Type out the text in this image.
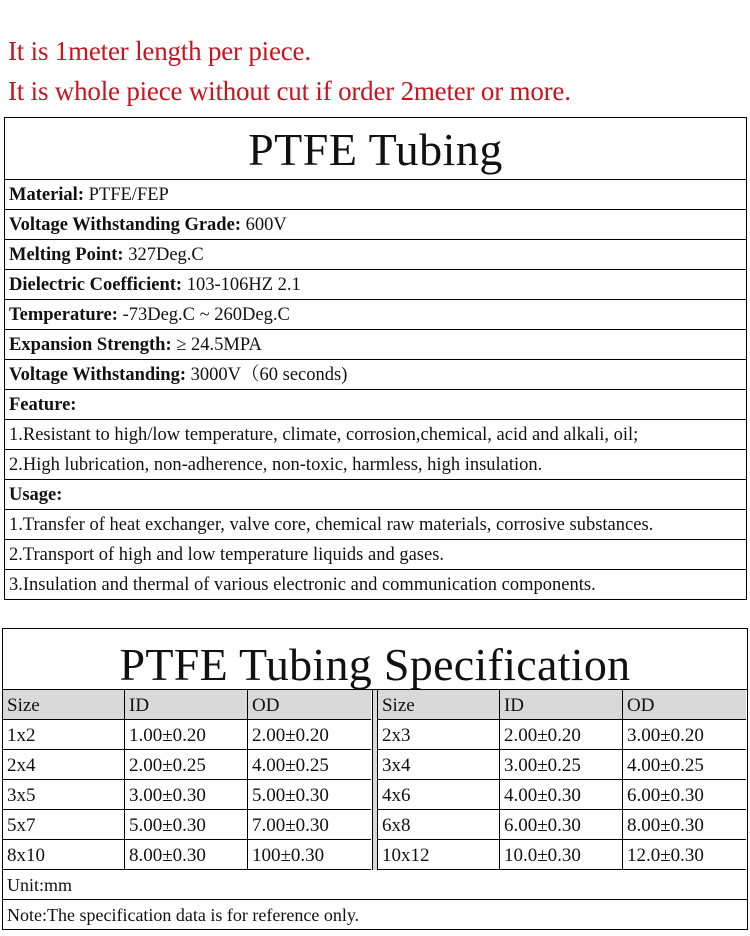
It is 1meter length per piece.
It is whole piece without cut if order 2meter or more.
PTFE Tubing
Material: PTFE/FEP
Voltage Withstanding Grade: 600V
Melting Point: 327Deg.C
Dielectric Coefficient: 103-106HZ 2.1
Temperature: -73Deg.C ~ 260Deg.C
Expansion Strength: ≥ 24.5MPA
Voltage Withstanding: 3000V（60 seconds)
Feature:
1.Resistant to high/low temperature, climate, corrosion,chemical, acid and alkali, oil;
2.High lubrication, non-adherence, non-toxic, harmless, high insulation.
Usage:
1.Transfer of heat exchanger, valve core, chemical raw materials, corrosive substances.
2.Transport of high and low temperature liquids and gases.
3.Insulation and thermal of various electronic and communication components.
PTFE Tubing Specification
Size	ID	OD
1x2	1.00±0.20	2.00±0.20
2x4	2.00±0.25	4.00±0.25
3x5	3.00±0.30	5.00±0.30
5x7	5.00±0.30	7.00±0.30
8x10	8.00±0.30	100±0.30
Size	ID	OD
2x3	2.00±0.20	3.00±0.20
3x4	3.00±0.25	4.00±0.25
4x6	4.00±0.30	6.00±0.30
6x8	6.00±0.30	8.00±0.30
10x12	10.0±0.30	12.0±0.30
Unit:mm
Note:The specification data is for reference only.
